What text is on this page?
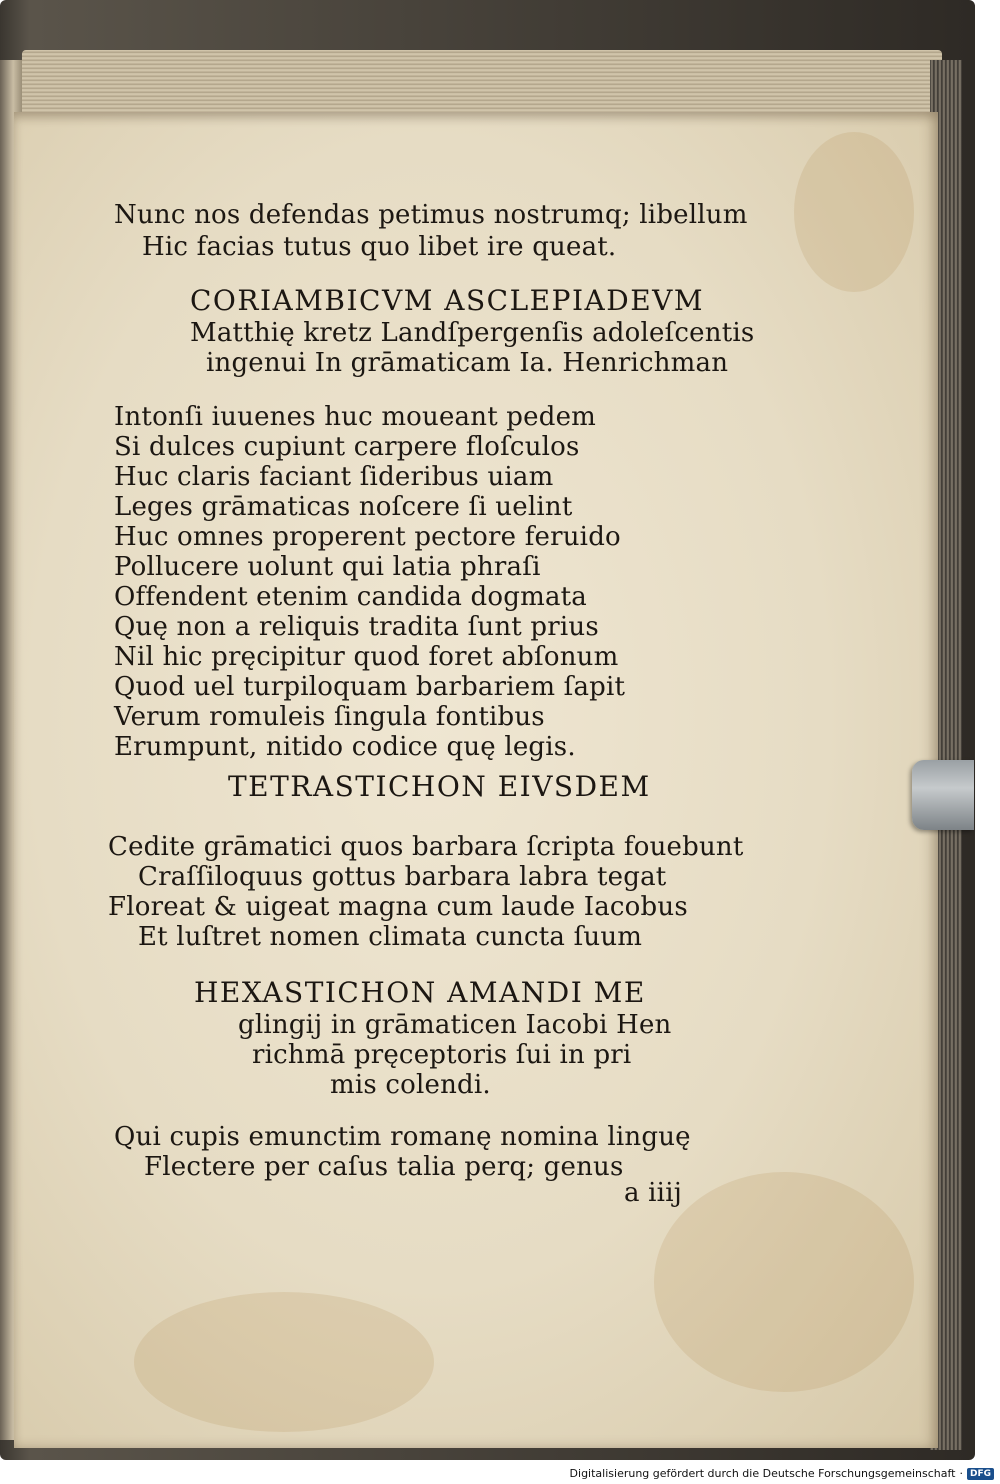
Nunc nos defendas petimus nostrumq; libellum
Hic facias tutus quo libet ire queat.
CORIAMBICVM ASCLEPIADEVM
Matthię kretz Landſpergenſis adoleſcentis
ingenui In grāmaticam Ia. Henrichman
Intonſi iuuenes huc moueant pedem
Si dulces cupiunt carpere floſculos
Huc claris faciant ſideribus uiam
Leges grāmaticas noſcere ſi uelint
Huc omnes properent pectore feruido
Pollucere uolunt qui latia phraſi
Offendent etenim candida dogmata
Quę non a reliquis tradita ſunt prius
Nil hic pręcipitur quod foret abſonum
Quod uel turpiloquam barbariem ſapit
Verum romuleis ſingula fontibus
Erumpunt, nitido codice quę legis.
TETRASTICHON EIVSDEM
Cedite grāmatici quos barbara ſcripta fouebunt
Craſſiloquus gottus barbara labra tegat
Floreat & uigeat magna cum laude Iacobus
Et luſtret nomen climata cuncta ſuum
HEXASTICHON AMANDI ME
glingij in grāmaticen Iacobi Hen
richmā pręceptoris ſui in pri
mis colendi.
Qui cupis emunctim romanę nomina linguę
Flectere per caſus talia perq; genus
a iiij
Digitalisierung gefördert durch die Deutsche Forschungsgemeinschaft · DFG
